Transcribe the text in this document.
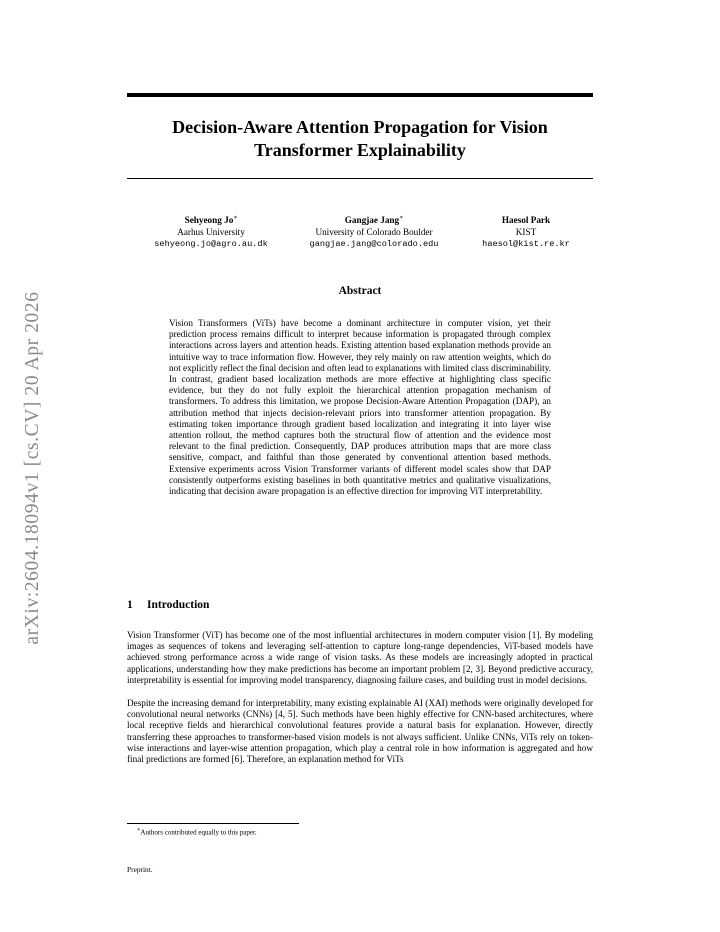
arXiv:2604.18094v1 [cs.CV] 20 Apr 2026
Decision-Aware Attention Propagation for Vision Transformer Explainability
Sehyeong Jo∗
Aarhus University
sehyeong.jo@agro.au.dk
Gangjae Jang∗
University of Colorado Boulder
gangjae.jang@colorado.edu
Haesol Park
KIST
haesol@kist.re.kr
Abstract

Vision Transformers (ViTs) have become a dominant architecture in computer vision, yet their prediction process remains difficult to interpret because information is propagated through complex interactions across layers and attention heads. Existing attention based explanation methods provide an intuitive way to trace information flow. However, they rely mainly on raw attention weights, which do not explicitly reflect the final decision and often lead to explanations with limited class discriminability. In contrast, gradient based localization methods are more effective at highlighting class specific evidence, but they do not fully exploit the hierarchical attention propagation mechanism of transformers. To address this limitation, we propose Decision-Aware Attention Propagation (DAP), an attribution method that injects decision-relevant priors into transformer attention propagation. By estimating token importance through gradient based localization and integrating it into layer wise attention rollout, the method captures both the structural flow of attention and the evidence most relevant to the final prediction. Consequently, DAP produces attribution maps that are more class sensitive, compact, and faithful than those generated by conventional attention based methods. Extensive experiments across Vision Transformer variants of different model scales show that DAP consistently outperforms existing baselines in both quantitative metrics and qualitative visualizations, indicating that decision aware propagation is an effective direction for improving ViT interpretability.

1 Introduction

Vision Transformer (ViT) has become one of the most influential architectures in modern computer vision [1]. By modeling images as sequences of tokens and leveraging self-attention to capture long-range dependencies, ViT-based models have achieved strong performance across a wide range of vision tasks. As these models are increasingly adopted in practical applications, understanding how they make predictions has become an important problem [2, 3]. Beyond predictive accuracy, interpretability is essential for improving model transparency, diagnosing failure cases, and building trust in model decisions.

Despite the increasing demand for interpretability, many existing explainable AI (XAI) methods were originally developed for convolutional neural networks (CNNs) [4, 5]. Such methods have been highly effective for CNN-based architectures, where local receptive fields and hierarchical convolutional features provide a natural basis for explanation. However, directly transferring these approaches to transformer-based vision models is not always sufficient. Unlike CNNs, ViTs rely on token-wise interactions and layer-wise attention propagation, which play a central role in how information is aggregated and how final predictions are formed [6]. Therefore, an explanation method for ViTs

∗Authors contributed equally to this paper.
Preprint.
